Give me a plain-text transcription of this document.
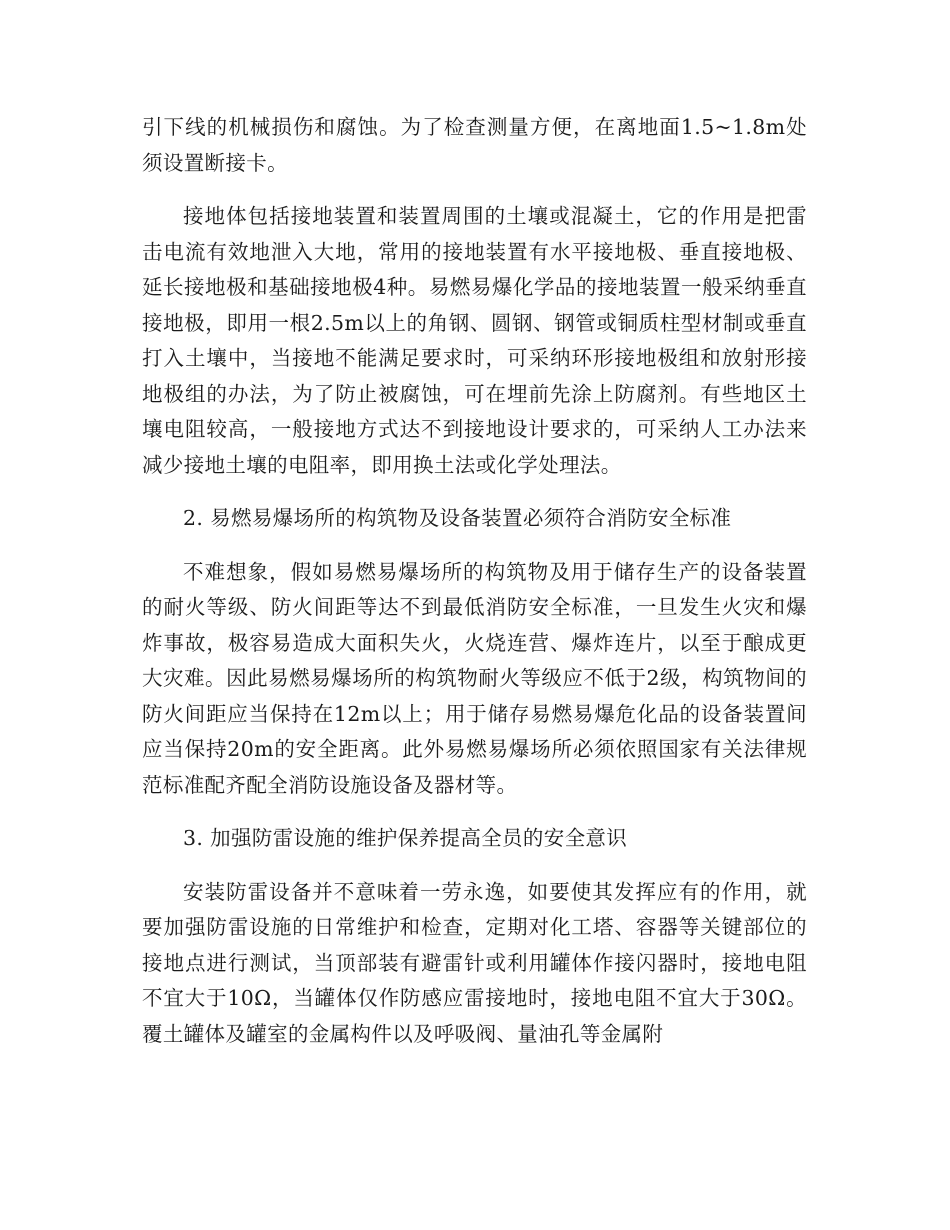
引下线的机械损伤和腐蚀。为了检查测量方便，在离地面1.5~1.8m处须设置断接卡。

接地体包括接地装置和装置周围的土壤或混凝土，它的作用是把雷击电流有效地泄入大地，常用的接地装置有水平接地极、垂直接地极、延长接地极和基础接地极4种。易燃易爆化学品的接地装置一般采纳垂直接地极，即用一根2.5m以上的角钢、圆钢、钢管或铜质柱型材制或垂直打入土壤中，当接地不能满足要求时，可采纳环形接地极组和放射形接地极组的办法，为了防止被腐蚀，可在埋前先涂上防腐剂。有些地区土壤电阻较高，一般接地方式达不到接地设计要求的，可采纳人工办法来减少接地土壤的电阻率，即用换土法或化学处理法。

2. 易燃易爆场所的构筑物及设备装置必须符合消防安全标准

不难想象，假如易燃易爆场所的构筑物及用于储存生产的设备装置的耐火等级、防火间距等达不到最低消防安全标准，一旦发生火灾和爆炸事故，极容易造成大面积失火，火烧连营、爆炸连片，以至于酿成更大灾难。因此易燃易爆场所的构筑物耐火等级应不低于2级，构筑物间的防火间距应当保持在12m以上；用于储存易燃易爆危化品的设备装置间应当保持20m的安全距离。此外易燃易爆场所必须依照国家有关法律规范标准配齐配全消防设施设备及器材等。

3. 加强防雷设施的维护保养提高全员的安全意识

安装防雷设备并不意味着一劳永逸，如要使其发挥应有的作用，就要加强防雷设施的日常维护和检查，定期对化工塔、容器等关键部位的接地点进行测试，当顶部装有避雷针或利用罐体作接闪器时，接地电阻不宜大于10Ω，当罐体仅作防感应雷接地时，接地电阻不宜大于30Ω。覆土罐体及罐室的金属构件以及呼吸阀、量油孔等金属附
